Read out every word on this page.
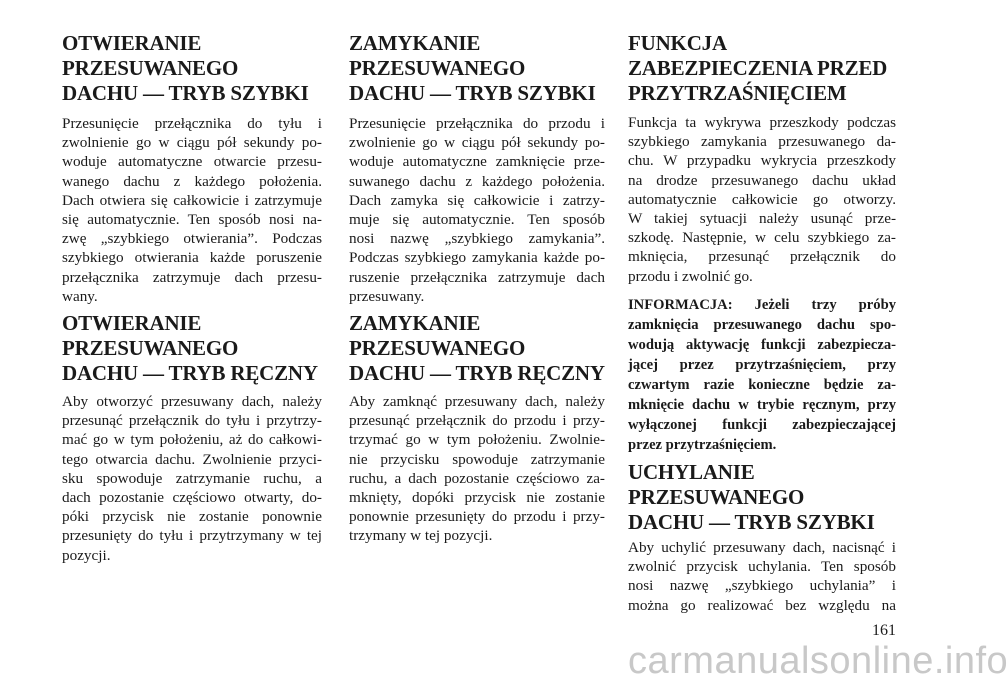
OTWIERANIE
PRZESUWANEGO
DACHU — TRYB SZYBKI
Przesunięcie przełącznika do tyłu i
zwolnienie go w ciągu pół sekundy po-
woduje automatyczne otwarcie przesu-
wanego dachu z każdego położenia.
Dach otwiera się całkowicie i zatrzymuje
się automatycznie. Ten sposób nosi na-
zwę „szybkiego otwierania”. Podczas
szybkiego otwierania każde poruszenie
przełącznika zatrzymuje dach przesu-
wany.
OTWIERANIE
PRZESUWANEGO
DACHU — TRYB RĘCZNY
Aby otworzyć przesuwany dach, należy
przesunąć przełącznik do tyłu i przytrzy-
mać go w tym położeniu, aż do całkowi-
tego otwarcia dachu. Zwolnienie przyci-
sku spowoduje zatrzymanie ruchu, a
dach pozostanie częściowo otwarty, do-
póki przycisk nie zostanie ponownie
przesunięty do tyłu i przytrzymany w tej
pozycji.
ZAMYKANIE
PRZESUWANEGO
DACHU — TRYB SZYBKI
Przesunięcie przełącznika do przodu i
zwolnienie go w ciągu pół sekundy po-
woduje automatyczne zamknięcie prze-
suwanego dachu z każdego położenia.
Dach zamyka się całkowicie i zatrzy-
muje się automatycznie. Ten sposób
nosi nazwę „szybkiego zamykania”.
Podczas szybkiego zamykania każde po-
ruszenie przełącznika zatrzymuje dach
przesuwany.
ZAMYKANIE
PRZESUWANEGO
DACHU — TRYB RĘCZNY
Aby zamknąć przesuwany dach, należy
przesunąć przełącznik do przodu i przy-
trzymać go w tym położeniu. Zwolnie-
nie przycisku spowoduje zatrzymanie
ruchu, a dach pozostanie częściowo za-
mknięty, dopóki przycisk nie zostanie
ponownie przesunięty do przodu i przy-
trzymany w tej pozycji.
FUNKCJA
ZABEZPIECZENIA PRZED
PRZYTRZAŚNIĘCIEM
Funkcja ta wykrywa przeszkody podczas
szybkiego zamykania przesuwanego da-
chu. W przypadku wykrycia przeszkody
na drodze przesuwanego dachu układ
automatycznie całkowicie go otworzy.
W takiej sytuacji należy usunąć prze-
szkodę. Następnie, w celu szybkiego za-
mknięcia, przesunąć przełącznik do
przodu i zwolnić go.
INFORMACJA: Jeżeli trzy próby
zamknięcia przesuwanego dachu spo-
wodują aktywację funkcji zabezpiecza-
jącej przez przytrzaśnięciem, przy
czwartym razie konieczne będzie za-
mknięcie dachu w trybie ręcznym, przy
wyłączonej funkcji zabezpieczającej
przez przytrzaśnięciem.
UCHYLANIE
PRZESUWANEGO
DACHU — TRYB SZYBKI
Aby uchylić przesuwany dach, nacisnąć i
zwolnić przycisk uchylania. Ten sposób
nosi nazwę „szybkiego uchylania” i
można go realizować bez względu na
161
carmanualsonline.info
